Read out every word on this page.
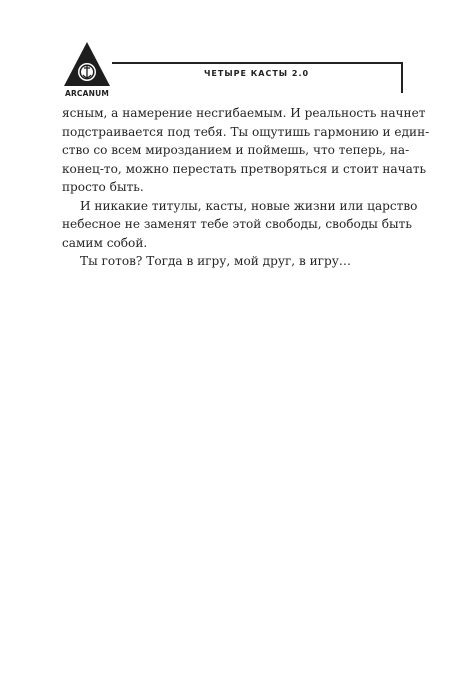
ARCANUM
ЧЕТЫРЕ КАСТЫ 2.0

ясным, а намерение несгибаемым. И реальность начнет
подстраивается под тебя. Ты ощутишь гармонию и един-
ство со всем мирозданием и поймешь, что теперь, на-
конец-то, можно перестать претворяться и стоит начать
просто быть.

И никакие титулы, касты, новые жизни или царство
небесное не заменят тебе этой свободы, свободы быть
самим собой.

Ты готов? Тогда в игру, мой друг, в игру…
